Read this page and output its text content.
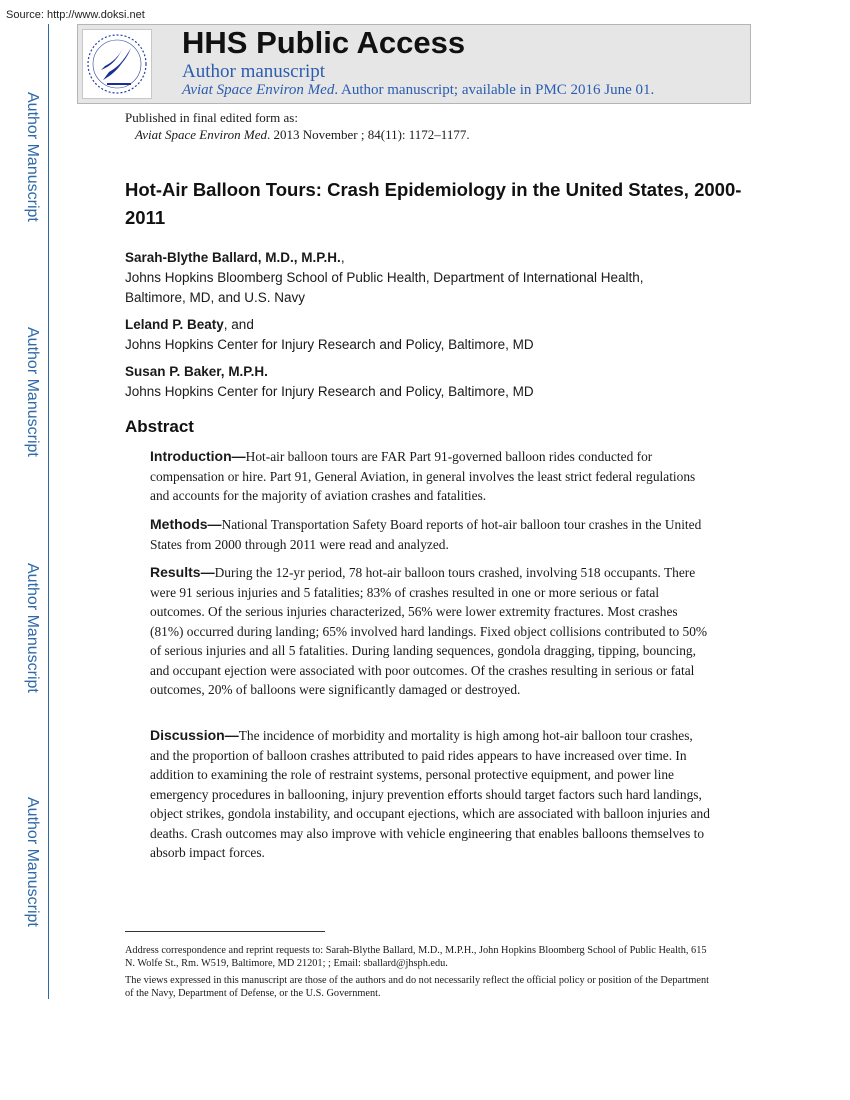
Source: http://www.doksi.net
Author Manuscript
Author Manuscript
Author Manuscript
Author Manuscript
HHS Public Access
Author manuscript
Aviat Space Environ Med. Author manuscript; available in PMC 2016 June 01.
Published in final edited form as:
Aviat Space Environ Med. 2013 November ; 84(11): 1172–1177.
Hot-Air Balloon Tours: Crash Epidemiology in the United States, 2000-2011
Sarah-Blythe Ballard, M.D., M.P.H.,
Johns Hopkins Bloomberg School of Public Health, Department of International Health, Baltimore, MD, and U.S. Navy
Leland P. Beaty, and
Johns Hopkins Center for Injury Research and Policy, Baltimore, MD
Susan P. Baker, M.P.H.
Johns Hopkins Center for Injury Research and Policy, Baltimore, MD
Abstract
Introduction—Hot-air balloon tours are FAR Part 91-governed balloon rides conducted for compensation or hire. Part 91, General Aviation, in general involves the least strict federal regulations and accounts for the majority of aviation crashes and fatalities.
Methods—National Transportation Safety Board reports of hot-air balloon tour crashes in the United States from 2000 through 2011 were read and analyzed.
Results—During the 12-yr period, 78 hot-air balloon tours crashed, involving 518 occupants. There were 91 serious injuries and 5 fatalities; 83% of crashes resulted in one or more serious or fatal outcomes. Of the serious injuries characterized, 56% were lower extremity fractures. Most crashes (81%) occurred during landing; 65% involved hard landings. Fixed object collisions contributed to 50% of serious injuries and all 5 fatalities. During landing sequences, gondola dragging, tipping, bouncing, and occupant ejection were associated with poor outcomes. Of the crashes resulting in serious or fatal outcomes, 20% of balloons were significantly damaged or destroyed.
Discussion—The incidence of morbidity and mortality is high among hot-air balloon tour crashes, and the proportion of balloon crashes attributed to paid rides appears to have increased over time. In addition to examining the role of restraint systems, personal protective equipment, and power line emergency procedures in ballooning, injury prevention efforts should target factors such hard landings, object strikes, gondola instability, and occupant ejections, which are associated with balloon injuries and deaths. Crash outcomes may also improve with vehicle engineering that enables balloons themselves to absorb impact forces.
Address correspondence and reprint requests to: Sarah-Blythe Ballard, M.D., M.P.H., John Hopkins Bloomberg School of Public Health, 615 N. Wolfe St., Rm. W519, Baltimore, MD 21201; ; Email: sballard@jhsph.edu.
The views expressed in this manuscript are those of the authors and do not necessarily reflect the official policy or position of the Department of the Navy, Department of Defense, or the U.S. Government.
